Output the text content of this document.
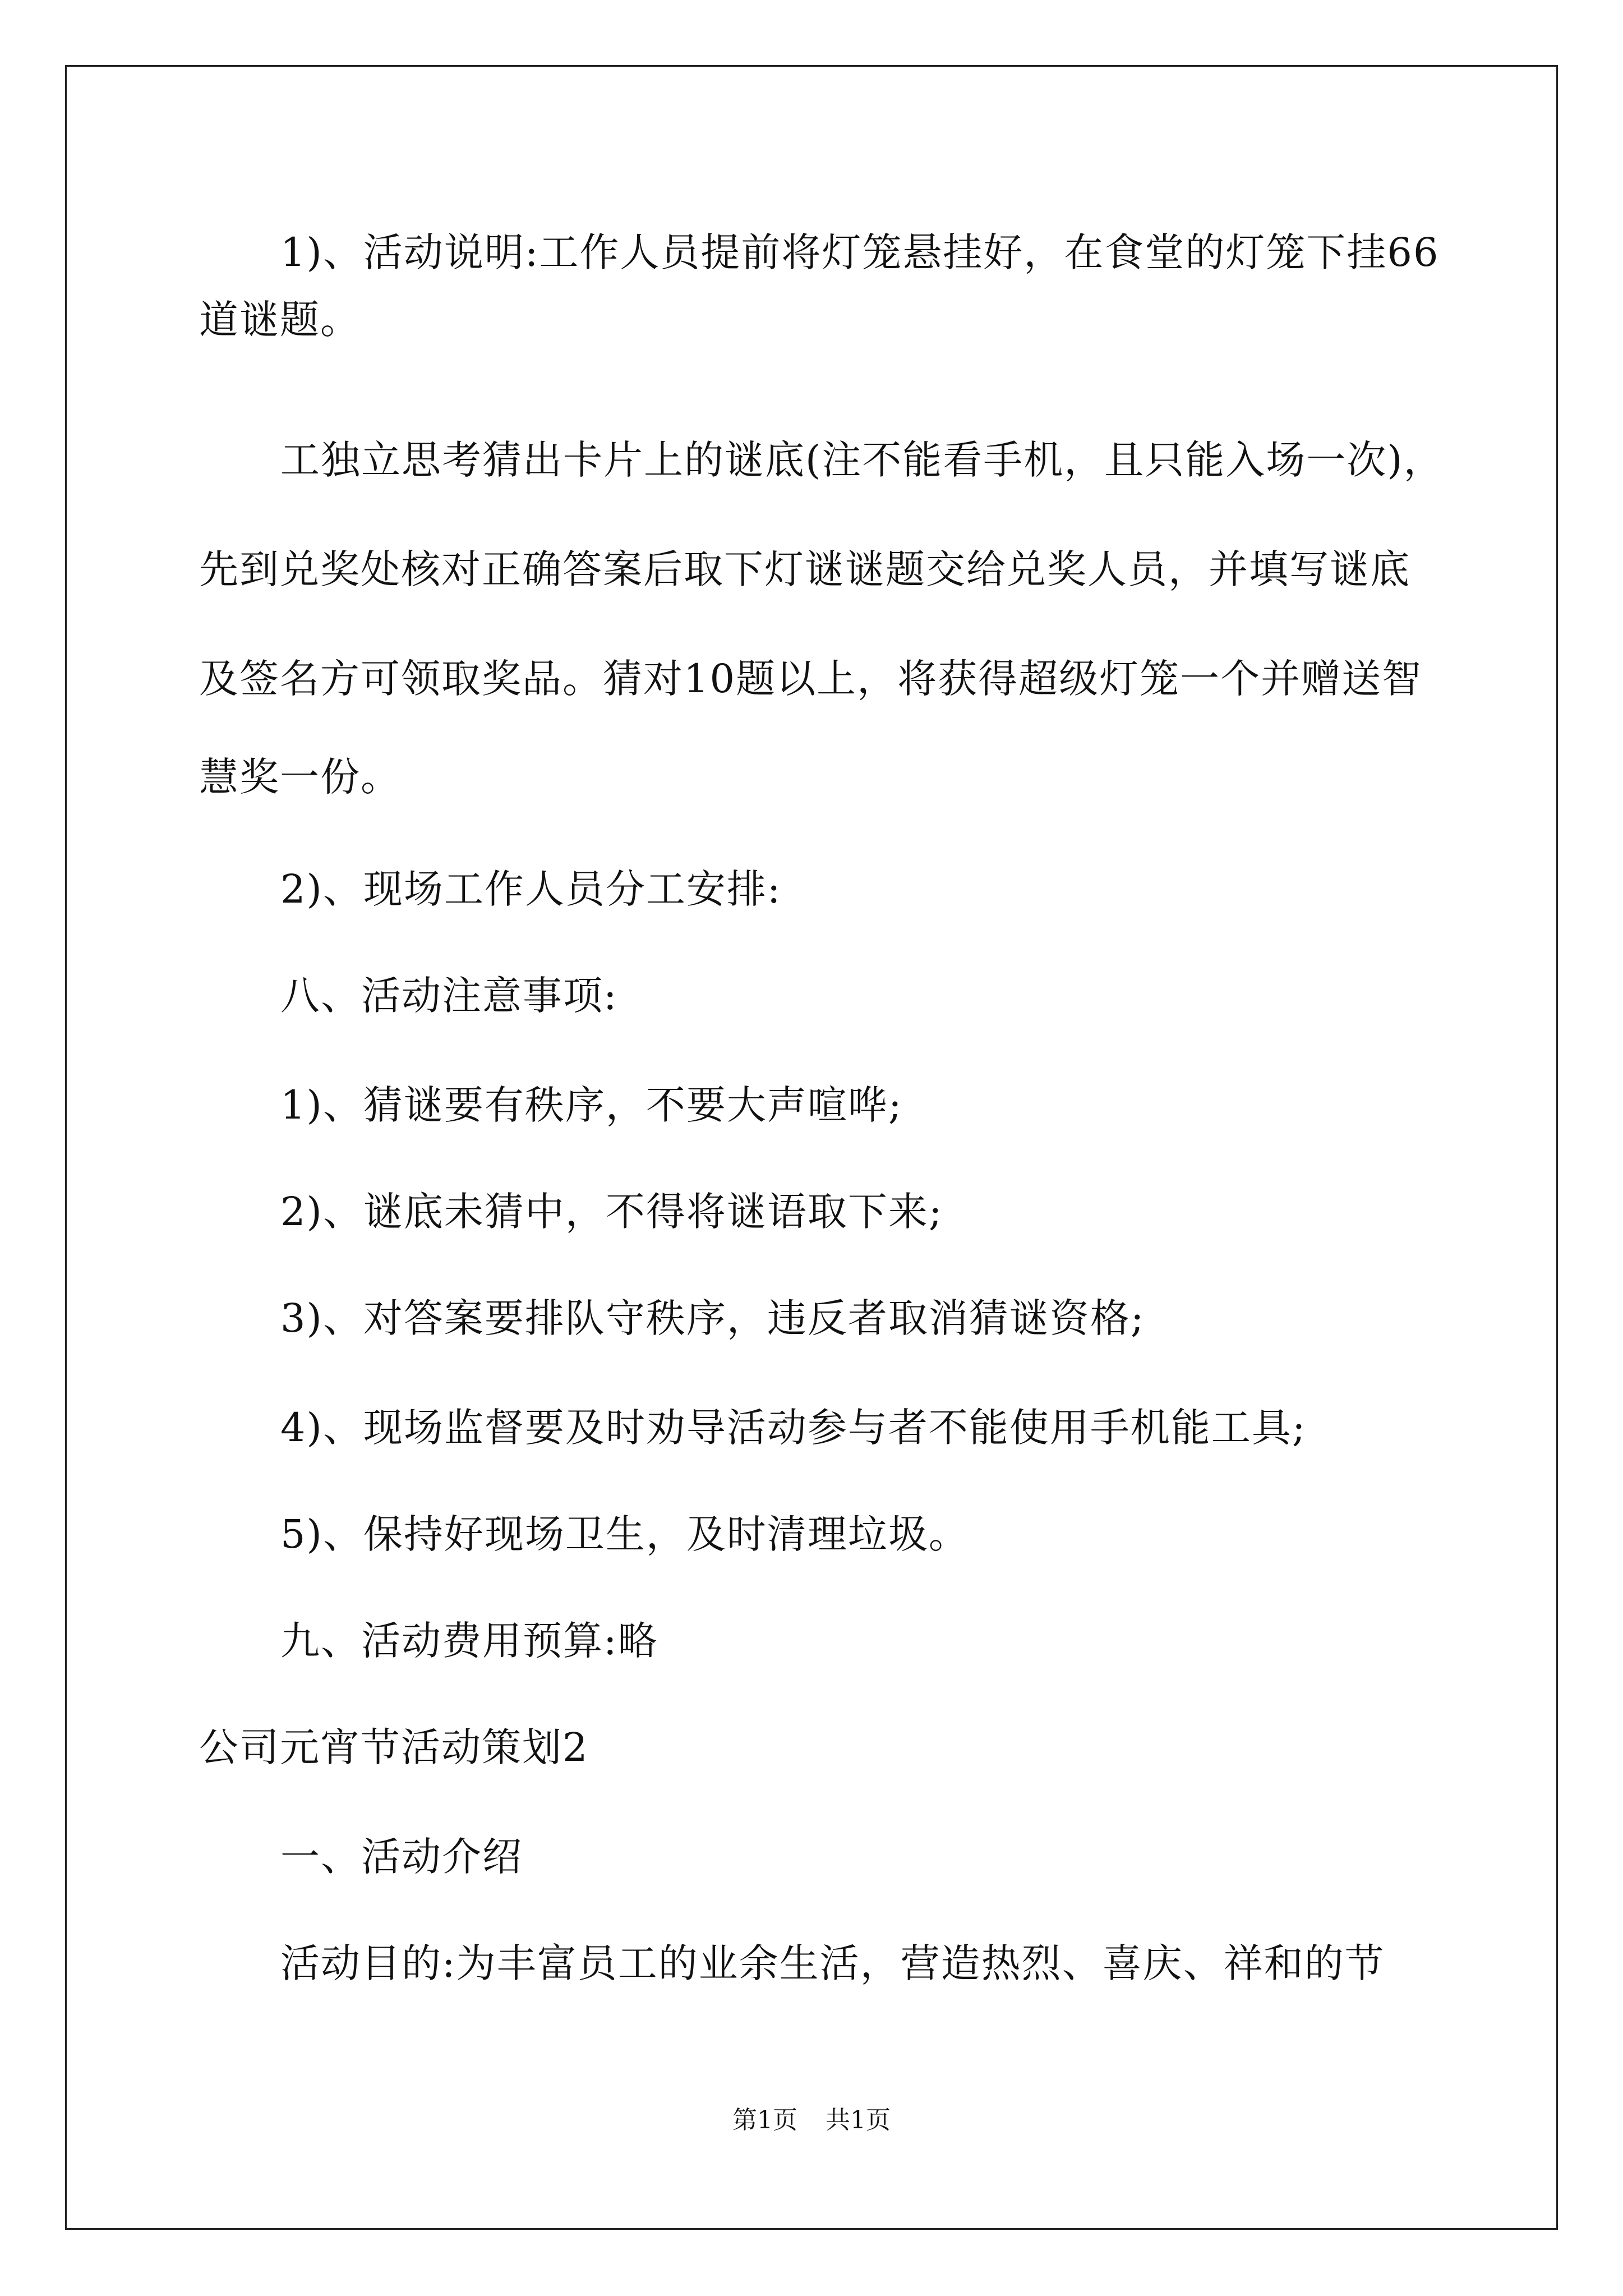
1)、活动说明:工作人员提前将灯笼悬挂好，在食堂的灯笼下挂66
道谜题。
工独立思考猜出卡片上的谜底(注不能看手机，且只能入场一次)，
先到兑奖处核对正确答案后取下灯谜谜题交给兑奖人员，并填写谜底
及签名方可领取奖品。猜对10题以上，将获得超级灯笼一个并赠送智
慧奖一份。
2)、现场工作人员分工安排:
八、活动注意事项:
1)、猜谜要有秩序，不要大声喧哗;
2)、谜底未猜中，不得将谜语取下来;
3)、对答案要排队守秩序，违反者取消猜谜资格;
4)、现场监督要及时劝导活动参与者不能使用手机能工具;
5)、保持好现场卫生，及时清理垃圾。
九、活动费用预算:略
公司元宵节活动策划2
一、活动介绍
活动目的:为丰富员工的业余生活，营造热烈、喜庆、祥和的节
第1页 共1页
